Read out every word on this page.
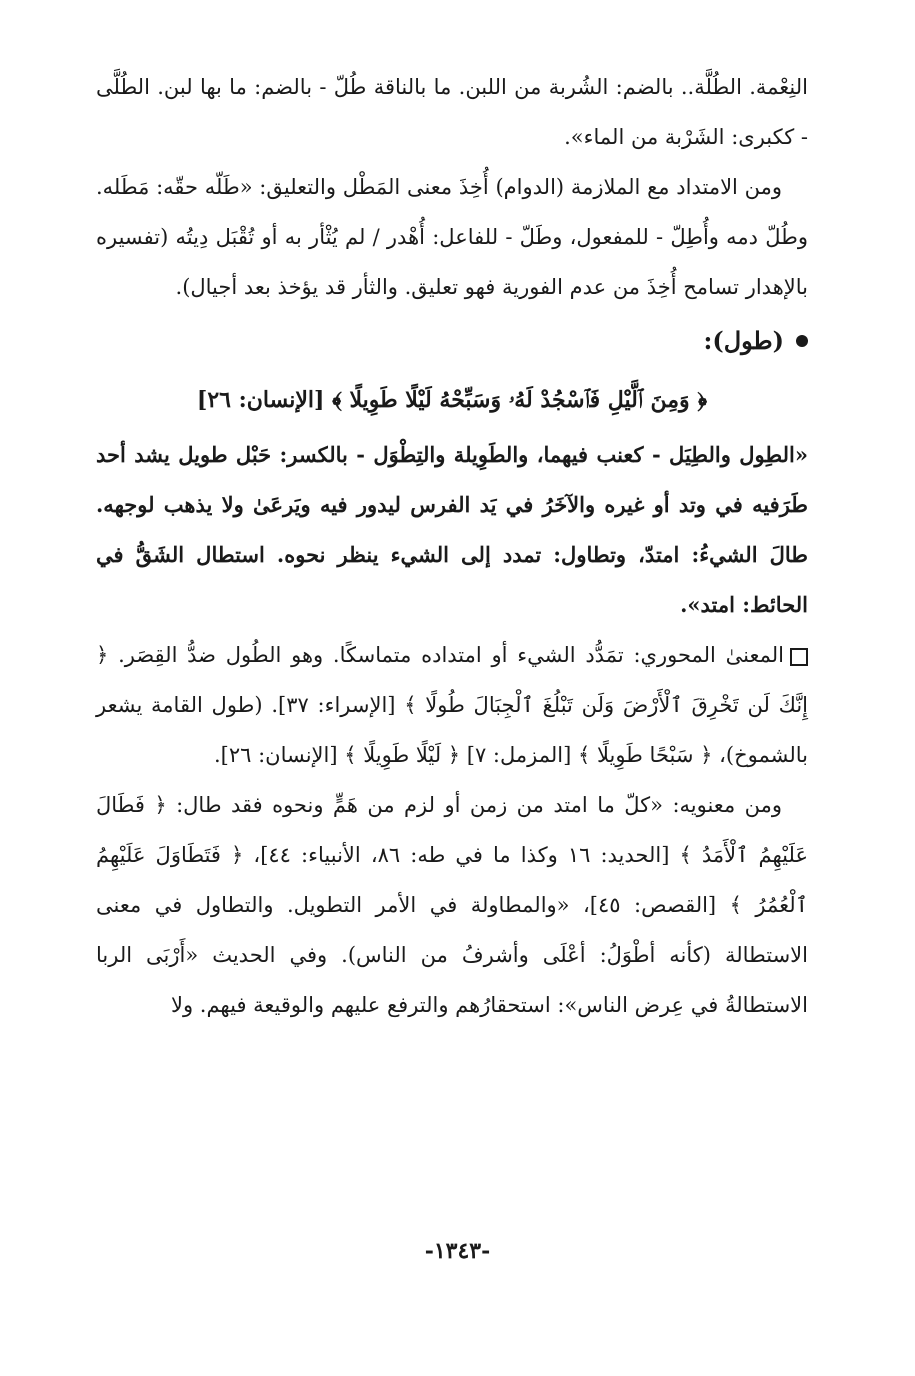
النِعْمة. الطُلَّة.. بالضم: الشُربة من اللبن. ما بالناقة طُلّ - بالضم: ما بها لبن. الطُلَّى - ككبرى: الشَرْبة من الماء».

ومن الامتداد مع الملازمة (الدوام) أُخِذَ معنى المَطْل والتعليق: «طَلّه حقّه: مَطَله. وطُلّ دمه وأُطِلّ - للمفعول، وطَلّ - للفاعل: أُهْدر / لم يُثْأر به أو تُقْبَل دِيتُه (تفسيره بالإهدار تسامح أُخِذَ من عدم الفورية فهو تعليق. والثأر قد يؤخذ بعد أجيال).

(طول):

﴿ وَمِنَ ٱلَّيْلِ فَٱسْجُدْ لَهُۥ وَسَبِّحْهُ لَيْلًا طَوِيلًا ﴾ [الإنسان: ٢٦]

«الطِول والطِيَل - كعنب فيهما، والطَوِيلة والتِطْوَل - بالكسر: حَبْل طويل يشد أحد طَرَفيه في وتد أو غيره والآخَرُ في يَد الفرس ليدور فيه ويَرعَىٰ ولا يذهب لوجهه. طالَ الشيءُ: امتدّ، وتطاول: تمدد إلى الشيء ينظر نحوه. استطال الشَقُّ في الحائط: امتد».

المعنىٰ المحوري: تمَدُّد الشيء أو امتداده متماسكًا. وهو الطُول ضدُّ القِصَر. ﴿ إِنَّكَ لَن تَخْرِقَ ٱلْأَرْضَ وَلَن تَبْلُغَ ٱلْجِبَالَ طُولًا ﴾ [الإسراء: ٣٧]. (طول القامة يشعر بالشموخ)، ﴿ سَبْحًا طَوِيلًا ﴾ [المزمل: ٧] ﴿ لَيْلًا طَوِيلًا ﴾ [الإنسان: ٢٦].

ومن معنويه: «كلّ ما امتد من زمن أو لزم من هَمٍّ ونحوه فقد طال: ﴿ فَطَالَ عَلَيْهِمُ ٱلْأَمَدُ ﴾ [الحديد: ١٦ وكذا ما في طه: ٨٦، الأنبياء: ٤٤]، ﴿ فَتَطَاوَلَ عَلَيْهِمُ ٱلْعُمُرُ ﴾ [القصص: ٤٥]، «والمطاولة في الأمر التطويل. والتطاول في معنى الاستطالة (كأنه أطْوَلُ: أعْلَى وأشرفُ من الناس). وفي الحديث «أَرْبَى الربا الاستطالةُ في عِرض الناس»: استحقارُهم والترفع عليهم والوقيعة فيهم. ولا

-١٣٤٣-
